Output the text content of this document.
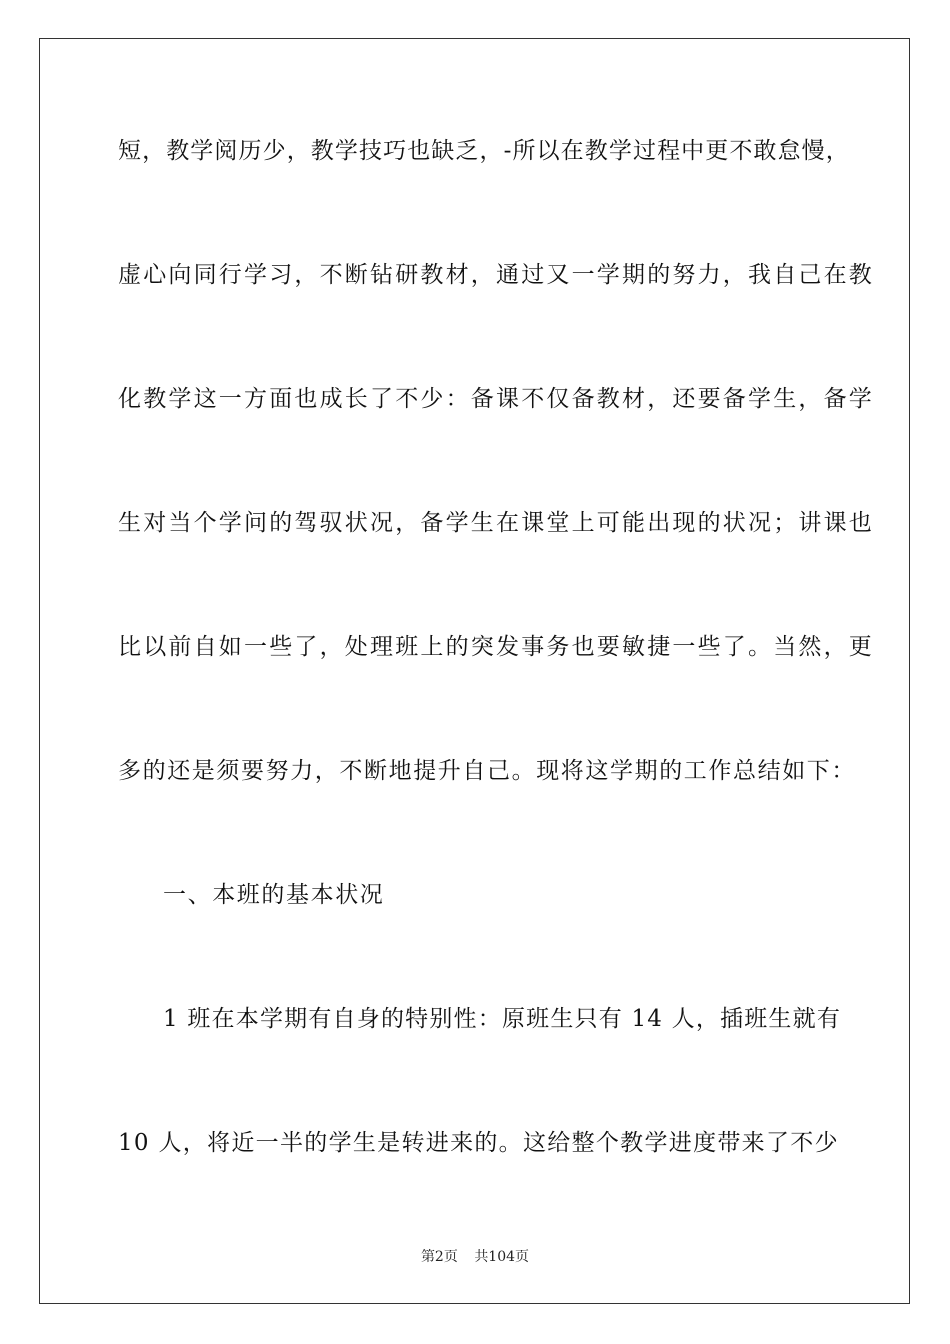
短，教学阅历少，教学技巧也缺乏，-所以在教学过程中更不敢怠慢，
虚心向同行学习，不断钻研教材，通过又一学期的努力，我自己在教
化教学这一方面也成长了不少：备课不仅备教材，还要备学生，备学
生对当个学问的驾驭状况，备学生在课堂上可能出现的状况；讲课也
比以前自如一些了，处理班上的突发事务也要敏捷一些了。当然，更
多的还是须要努力，不断地提升自己。现将这学期的工作总结如下：
一、本班的基本状况
1 班在本学期有自身的特别性：原班生只有 14 人，插班生就有
10 人，将近一半的学生是转进来的。这给整个教学进度带来了不少
第2页 共104页
